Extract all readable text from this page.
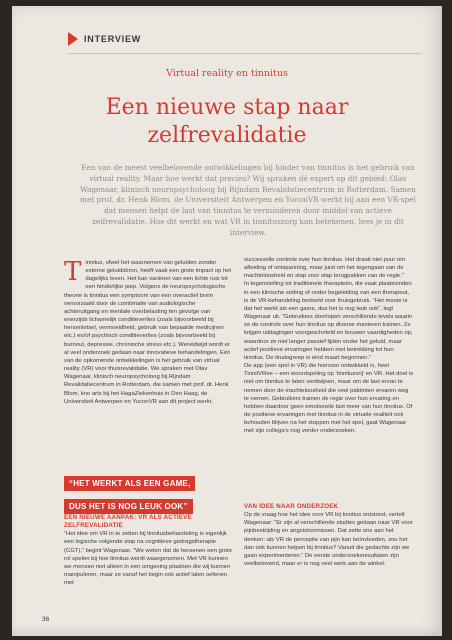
INTERVIEW
Virtual reality en tinnitus
Een nieuwe stap naar
zelfrevalidatie

Een van de meest veelbelovende ontwikkelingen bij hinder van tinnitus is het gebruik van virtual reality. Maar hoe werkt dat precies? Wij spraken dé expert op dit gebied: Olav Wagenaar, klinisch neuropsycholoog bij Rijndam Revalidatiecentrum in Rotterdam. Samen met prof. dr. Henk Blom, de Universiteit Antwerpen en YuconVR werkt hij aan een VR-spel dat mensen helpt de last van tinnitus te verminderen door middel van actieve zelfrevalidatie. Hoe dit werkt en wat VR in tinnituszorg kan betekenen, lees je in dit interview.

T innitus, ofwel het waarnemen van geluiden zonder externe geluidsbron, heeft vaak een grote impact op het dagelijks leven. Het kan variëren van een lichte ruis tot een hinderlijke piep. Volgens de neuropsychologische theorie is tinnitus een symptoom van een overactief brein veroorzaakt door de combinatie van audiologische achteruitgang en mentale overbelasting ten gevolge van enerzijds lichamelijk conditieverlies (zoals bijvoorbeeld bij hersenletsel, vermoeidheid, gebruik van bepaalde medicijnen etc.) en/of psychisch conditieverlies (zoals bijvoorbeeld bij burnout, depressie, chronische stress etc.). Wereldwijd wordt er al veel onderzoek gedaan naar innovatieve behandelingen. Eén van de opkomende ontwikkelingen is het gebruik van virtual reality (VR) voor thuisrevalidatie. We spraken met Olav Wagenaar, klinisch neuropsycholoog bij Rijndam Revalidatiecentrum in Rotterdam, die samen met prof. dr. Henk Blom, kno arts bij het HagaZiekenhuis in Den Haag, de Universiteit Antwerpen en YuconVR aan dit project werkt.

“HET WERKT ALS EEN GAME,
DUS HET IS NOG LEUK OOK”

EEN NIEUWE AANPAK: VR ALS ACTIEVE ZELFREVALIDATIE

“Het idee om VR in te zetten bij tinnitusbehandeling is eigenlijk een logische volgende stap na cognitieve gedragstherapie (CGT),” begint Wagenaar. “We weten dat de hersenen een grote rol spelen bij hoe tinnitus wordt waargenomen. Met VR kunnen we mensen niet alleen in een omgeving plaatsen die wij kunnen manipuleren, maar ze vanaf het begin ook actief laten oefenen met

succesvolle controle over hun tinnitus. Het draait niet puur om afleiding of ontspanning, maar juist om het tegengaan van de machteloosheid en stap voor stap terugpakken van de regie.”

In tegenstelling tot traditionele therapieën, die vaak plaatsvinden in een klinische setting of onder begeleiding van een therapeut, is de VR-behandeling bedoeld voor thuisgebruik. “Het mooie is dat het werkt als een game, dus het is nog leuk ook”, legt Wagenaar uit. “Gebruikers doorlopen verschillende levels waarin ze de controle over hun tinnitus op diverse manieren trainen. Ze krijgen uitdagingen voorgeschoteld en bouwen vaardigheden op, waardoor ze niet langer passief lijden onder het geluid, maar actief positieve ervaringen hebben met betrekking tot hun tinnitus. De tinalogreep is eind maart begonnen.”

De app (een spel in VR) die hiervoor ontwikkeld is, heet TinnitVRee – een woordspeling op ‘tinnitusvrij’ en VR. Het doel is niet om tinnitus te laten verdwijnen, maar om de last ervan te nemen door de machteloosheid die veel patiënten ervaren weg te nemen. Gebruikers trainen de regie over hun ervaring en hebben daardoor geen emotionele last meer van hun tinnitus. Of de positieve ervaringen met tinnitus in de virtuele realiteit ook behouden blijven na het stoppen met het spel, gaat Wagenaar met zijn collega’s nog verder onderzoeken.

VAN IDEE NAAR ONDERZOEK

Op de vraag hoe het idee voor VR bij tinnitus ontstond, vertelt Wagenaar: “Er zijn al verschillende studies gedaan naar VR voor pijnbestrijding en angststoornissen. Dat zette ons aan het denken: als VR de perceptie van pijn kan beïnvloeden, zou het dan ook kunnen helpen bij tinnitus? Vanuit die gedachte zijn we gaan experimenteren.” De eerste onderzoeksresultaten zijn veelbelovend, maar er is nog veel werk aan de winkel.

36
